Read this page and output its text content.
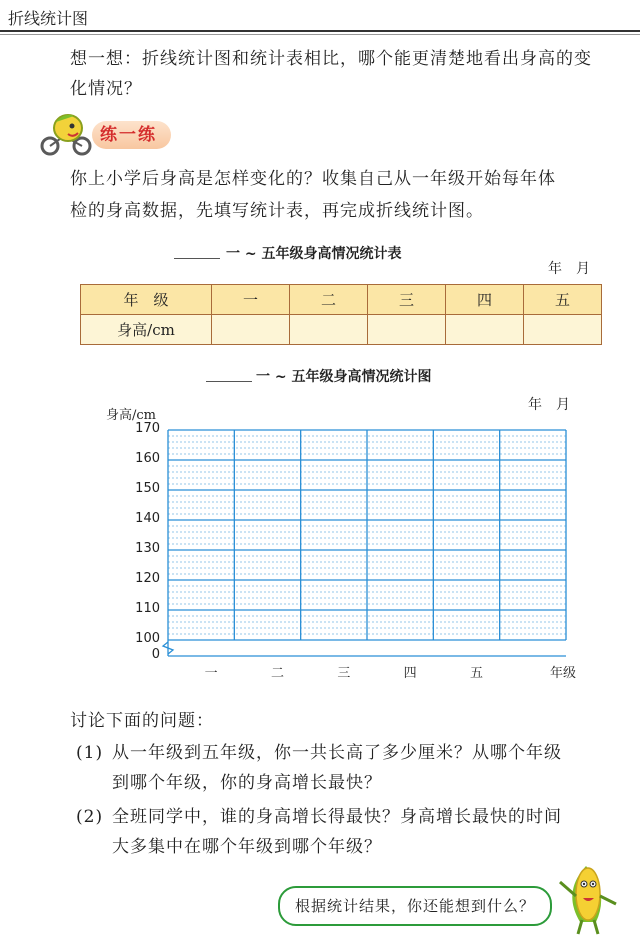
折线统计图
想一想：折线统计图和统计表相比，哪个能更清楚地看出身高的变
化情况？
练一练
你上小学后身高是怎样变化的？收集自己从一年级开始每年体
检的身高数据，先填写统计表，再完成折线统计图。
一 ~ 五年级身高情况统计表
年　月
年　级	一	二	三	四	五
身高/cm					
一 ~ 五年级身高情况统计图
年　月
身高/cm
170
160
150
140
130
120
110
100
0
一	二	三	四	五	年级
讨论下面的问题：
(1) 从一年级到五年级，你一共长高了多少厘米？从哪个年级
到哪个年级，你的身高增长最快？
(2) 全班同学中，谁的身高增长得最快？身高增长最快的时间
大多集中在哪个年级到哪个年级？
根据统计结果，你还能想到什么？
